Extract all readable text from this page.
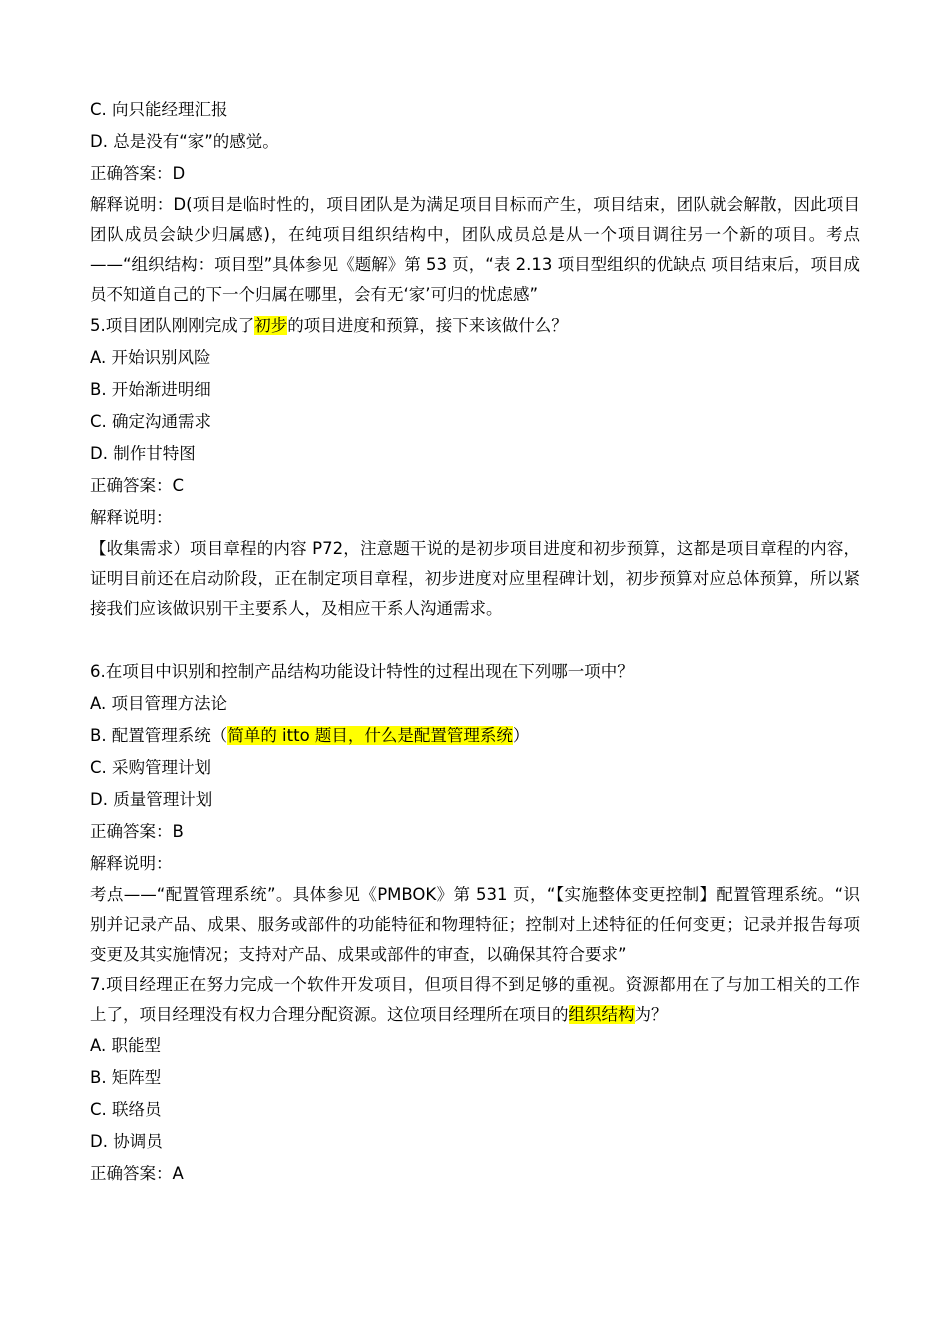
C. 向只能经理汇报
D. 总是没有“家”的感觉。
正确答案：D
解释说明：D(项目是临时性的，项目团队是为满足项目目标而产生，项目结束，团队就会解散，因此项目团队成员会缺少归属感)，在纯项目组织结构中，团队成员总是从一个项目调往另一个新的项目。考点——“组织结构：项目型”具体参见《题解》第 53 页，“表 2.13 项目型组织的优缺点 项目结束后，项目成员不知道自己的下一个归属在哪里，会有无‘家’可归的忧虑感”
5.项目团队刚刚完成了初步的项目进度和预算，接下来该做什么？
A. 开始识别风险
B. 开始渐进明细
C. 确定沟通需求
D. 制作甘特图
正确答案：C
解释说明：
【收集需求）项目章程的内容 P72，注意题干说的是初步项目进度和初步预算，这都是项目章程的内容，证明目前还在启动阶段，正在制定项目章程，初步进度对应里程碑计划，初步预算对应总体预算，所以紧接我们应该做识别干主要系人，及相应干系人沟通需求。
6.在项目中识别和控制产品结构功能设计特性的过程出现在下列哪一项中？
A. 项目管理方法论
B. 配置管理系统（简单的 itto 题目，什么是配置管理系统）
C. 采购管理计划
D. 质量管理计划
正确答案：B
解释说明：
考点——“配置管理系统”。具体参见《PMBOK》第 531 页，“【实施整体变更控制】配置管理系统。“识别并记录产品、成果、服务或部件的功能特征和物理特征；控制对上述特征的任何变更；记录并报告每项变更及其实施情况；支持对产品、成果或部件的审查，以确保其符合要求”
7.项目经理正在努力完成一个软件开发项目，但项目得不到足够的重视。资源都用在了与加工相关的工作上了，项目经理没有权力合理分配资源。这位项目经理所在项目的组织结构为？
A. 职能型
B. 矩阵型
C. 联络员
D. 协调员
正确答案：A
